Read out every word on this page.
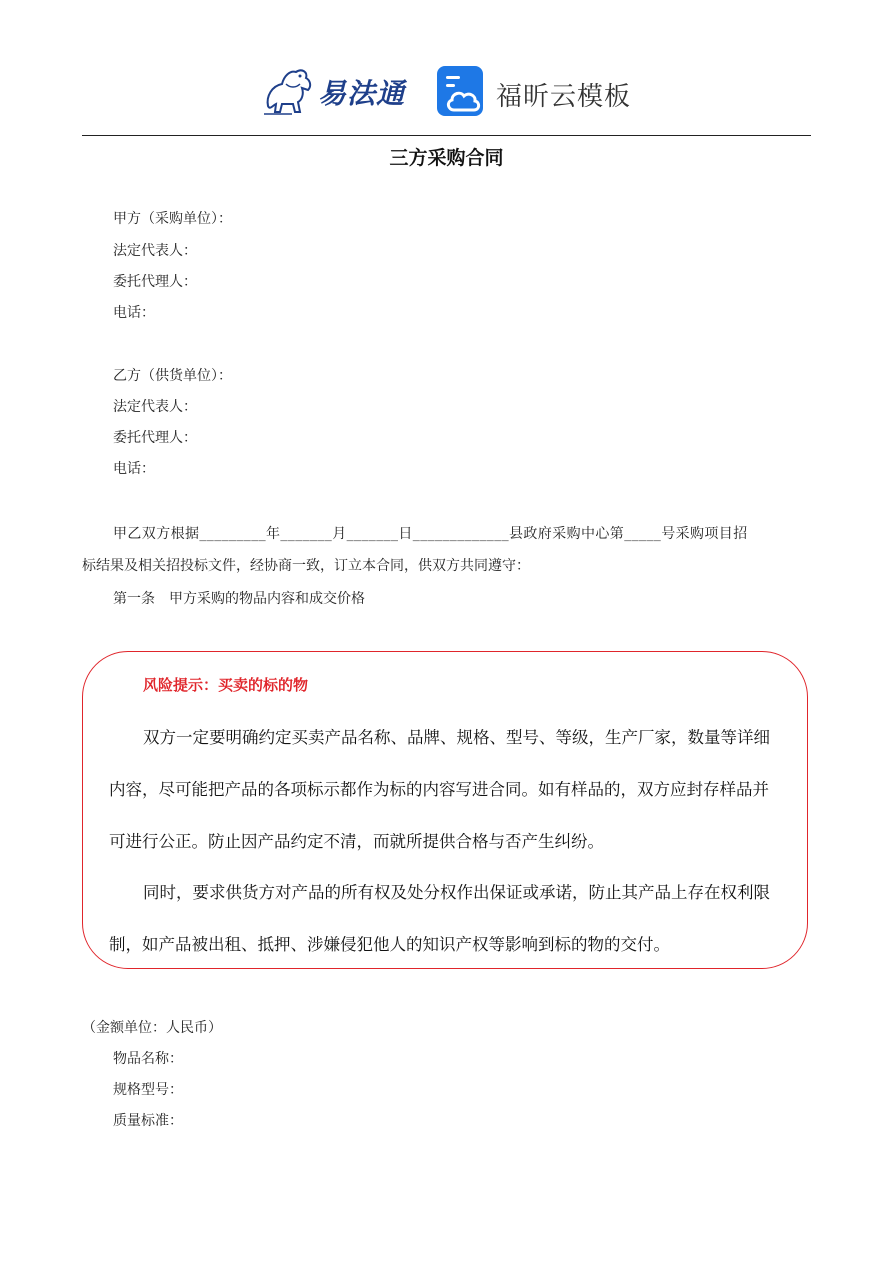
易法通	福昕云模板
三方采购合同
甲方（采购单位）：
法定代表人：
委托代理人：
电话：
乙方（供货单位）：
法定代表人：
委托代理人：
电话：
甲乙双方根据_________年_______月_______日_____________县政府采购中心第_____号采购项目招
标结果及相关招投标文件，经协商一致，订立本合同，供双方共同遵守：
第一条　甲方采购的物品内容和成交价格
风险提示：买卖的标的物
双方一定要明确约定买卖产品名称、品牌、规格、型号、等级，生产厂家，数量等详细
内容，尽可能把产品的各项标示都作为标的内容写进合同。如有样品的，双方应封存样品并
可进行公正。防止因产品约定不清，而就所提供合格与否产生纠纷。
同时，要求供货方对产品的所有权及处分权作出保证或承诺，防止其产品上存在权利限
制，如产品被出租、抵押、涉嫌侵犯他人的知识产权等影响到标的物的交付。
（金额单位：人民币）
物品名称：
规格型号：
质量标准：
